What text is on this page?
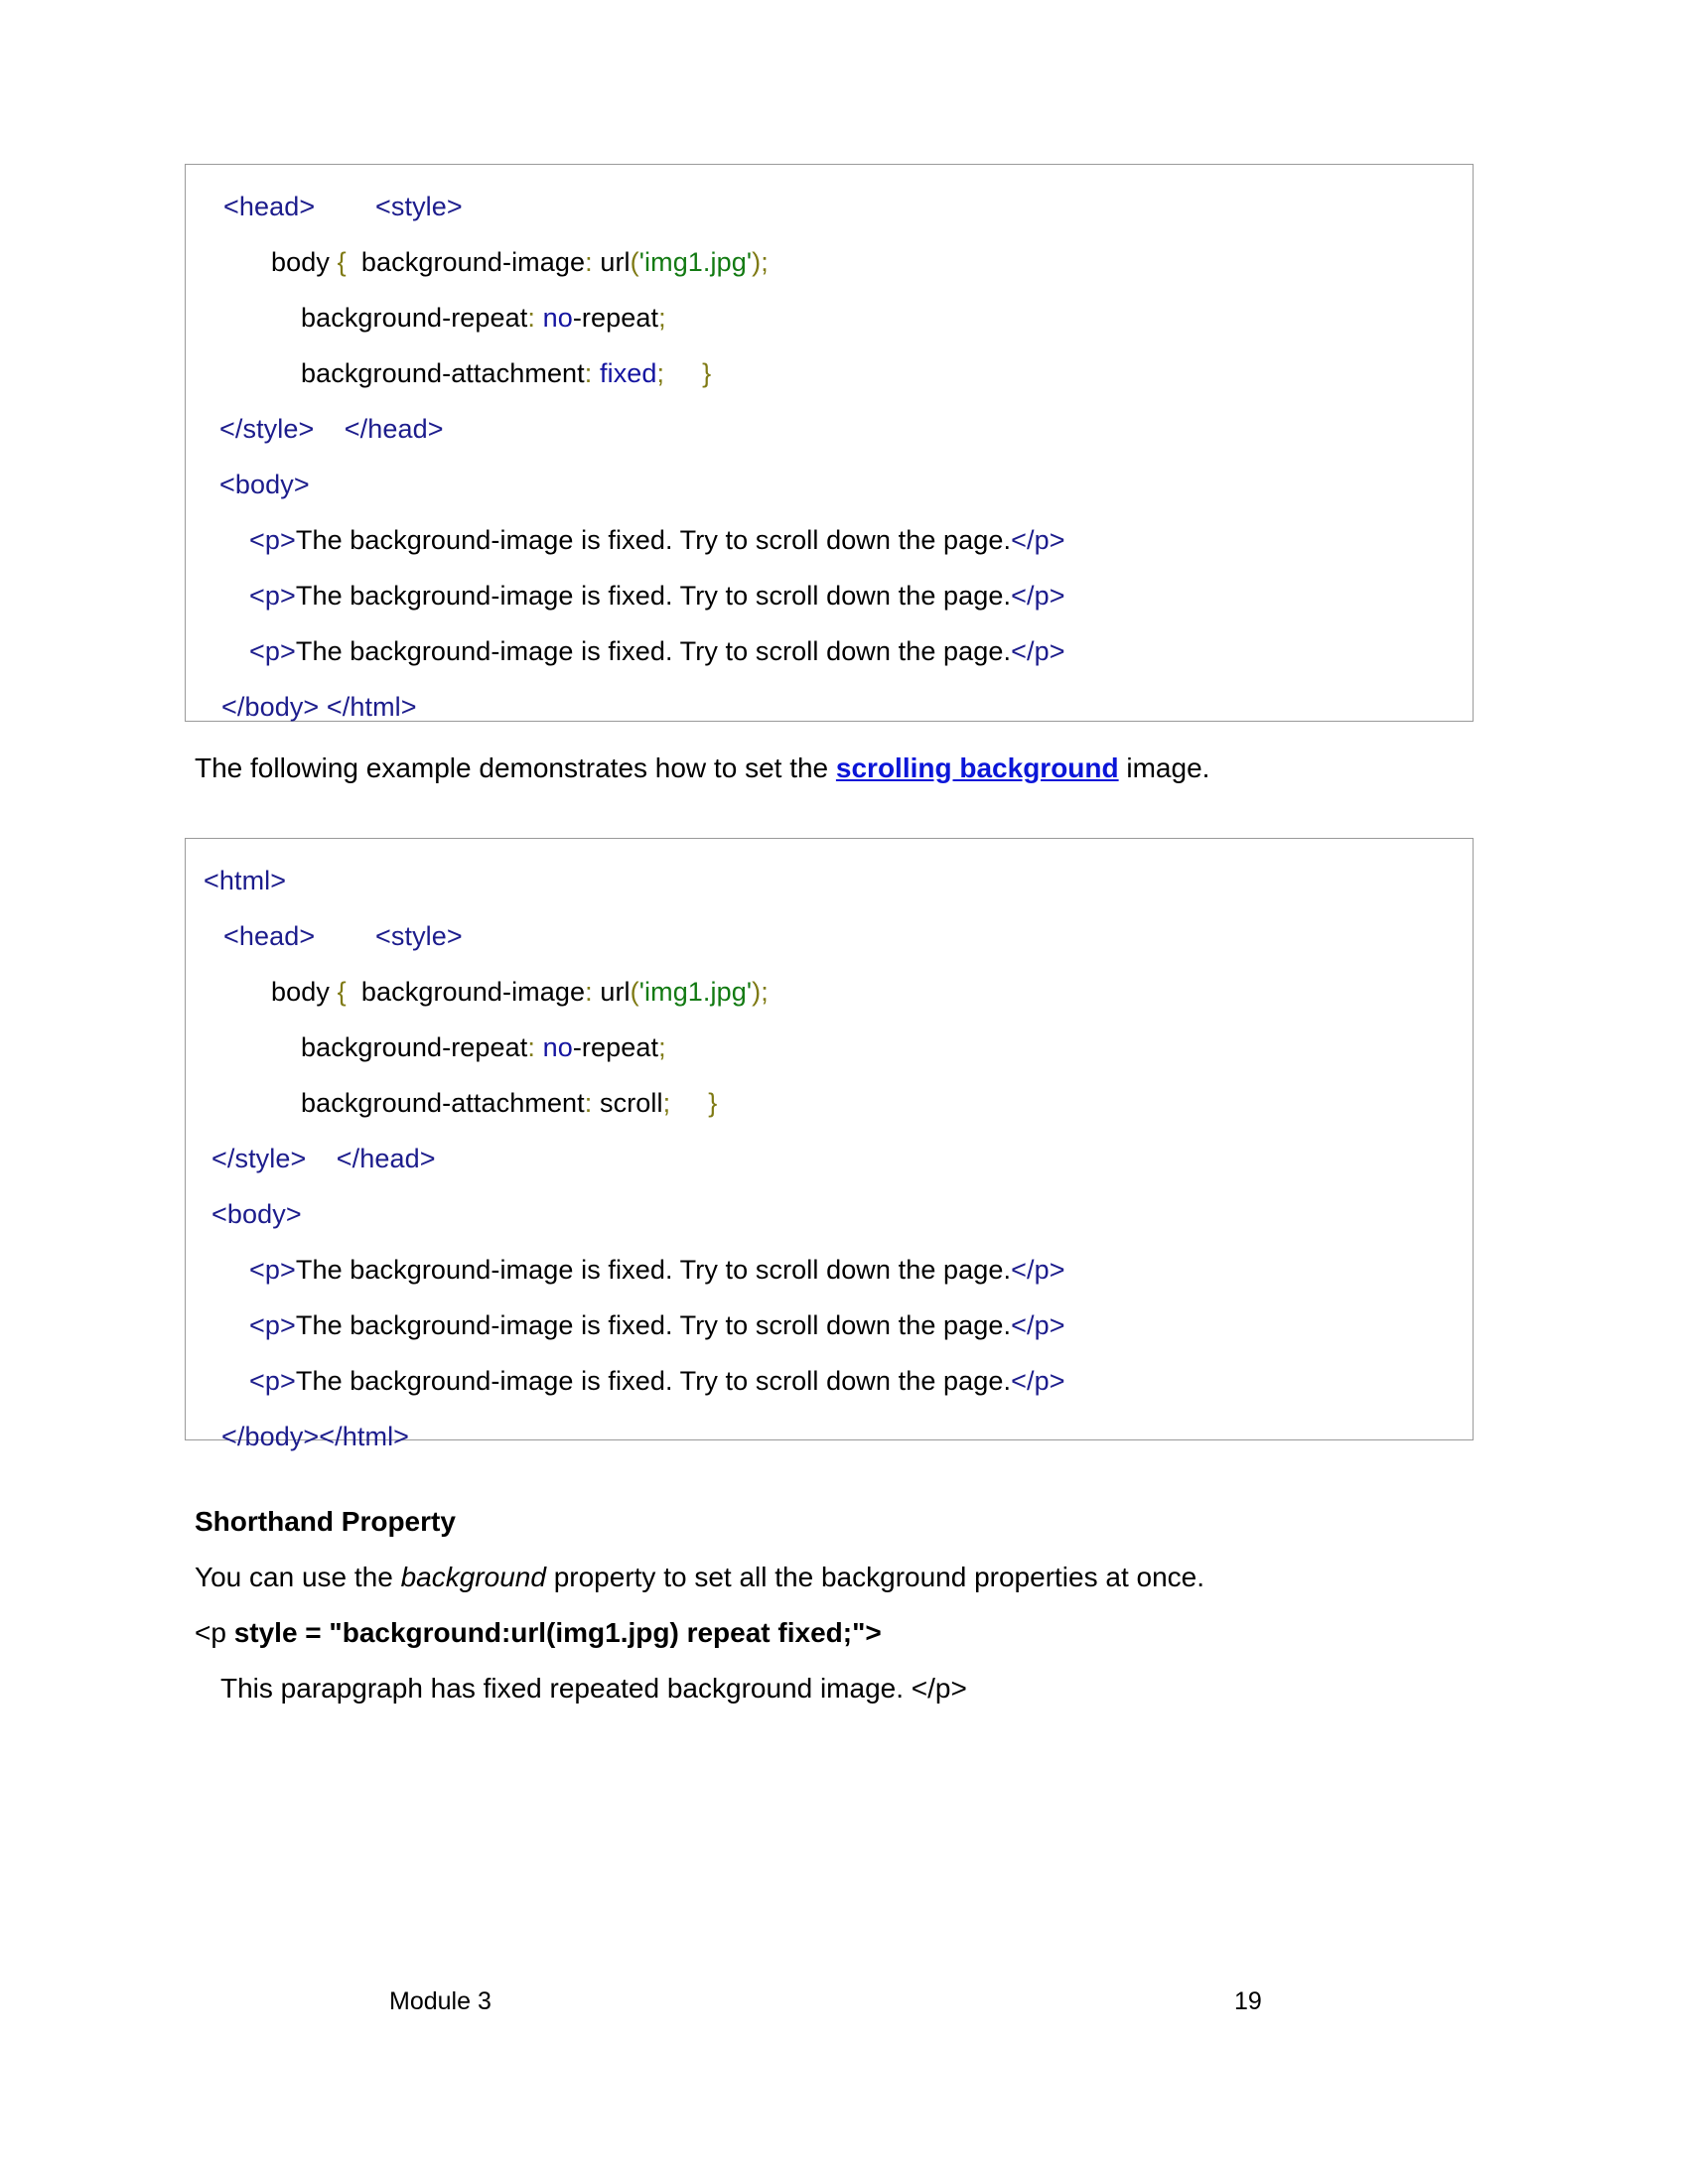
<head> <style>
body {  background-image: url('img1.jpg');
background-repeat: no-repeat;
background-attachment: fixed; }
</style> </head>
<body>
<p>The background-image is fixed. Try to scroll down the page.</p>
<p>The background-image is fixed. Try to scroll down the page.</p>
<p>The background-image is fixed. Try to scroll down the page.</p>
</body> </html>
The following example demonstrates how to set the scrolling background image.
<html>
<head> <style>
body {  background-image: url('img1.jpg');
background-repeat: no-repeat;
background-attachment: scroll; }
</style> </head>
<body>
<p>The background-image is fixed. Try to scroll down the page.</p>
<p>The background-image is fixed. Try to scroll down the page.</p>
<p>The background-image is fixed. Try to scroll down the page.</p>
</body></html>
Shorthand Property
You can use the background property to set all the background properties at once.
<p style = "background:url(img1.jpg) repeat fixed;">
This parapgraph has fixed repeated background image. </p>
Module 3	19
